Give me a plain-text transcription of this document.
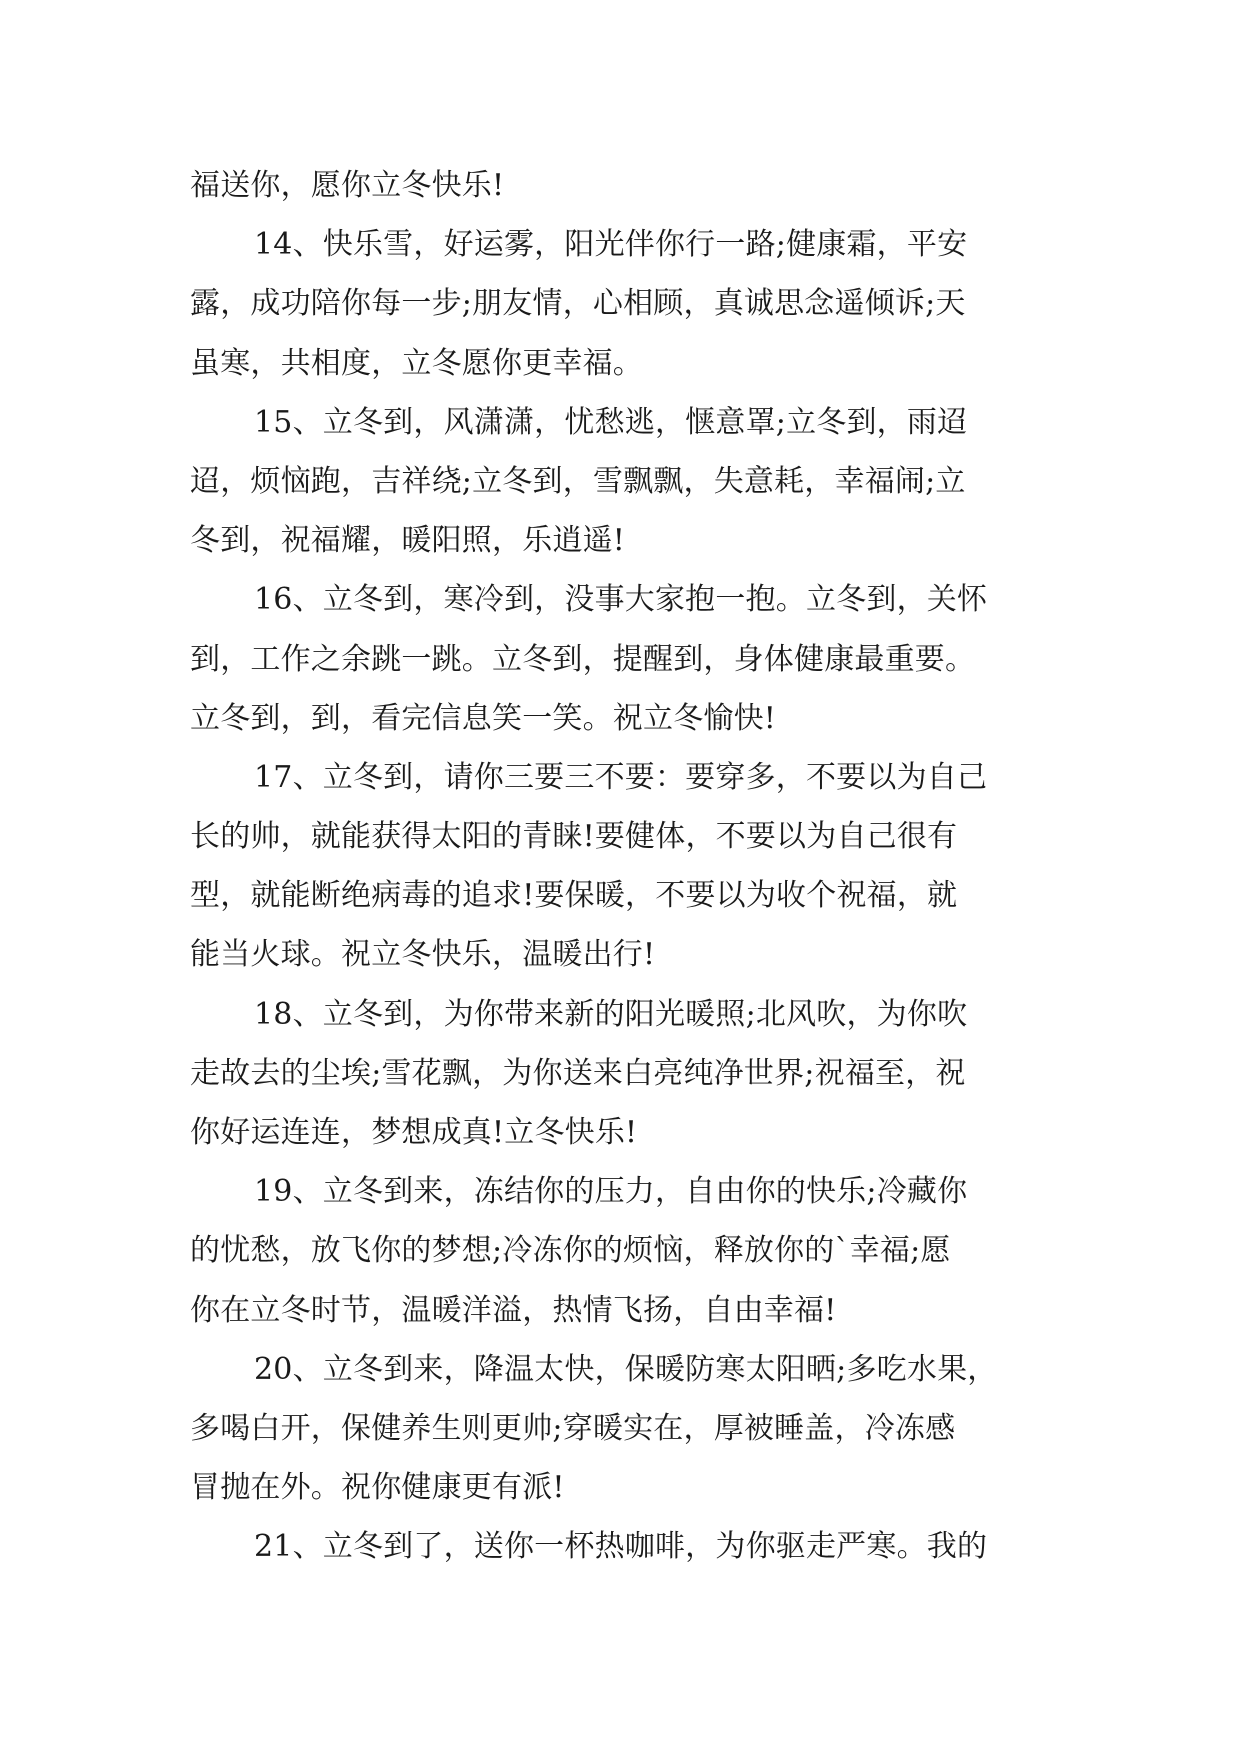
福送你，愿你立冬快乐!
14、快乐雪，好运雾，阳光伴你行一路;健康霜，平安
露，成功陪你每一步;朋友情，心相顾，真诚思念遥倾诉;天
虽寒，共相度，立冬愿你更幸福。
15、立冬到，风潇潇，忧愁逃，惬意罩;立冬到，雨迢
迢，烦恼跑，吉祥绕;立冬到，雪飘飘，失意耗，幸福闹;立
冬到，祝福耀，暖阳照，乐逍遥!
16、立冬到，寒冷到，没事大家抱一抱。立冬到，关怀
到，工作之余跳一跳。立冬到，提醒到，身体健康最重要。
立冬到，到，看完信息笑一笑。祝立冬愉快!
17、立冬到，请你三要三不要：要穿多，不要以为自己
长的帅，就能获得太阳的青睐!要健体，不要以为自己很有
型，就能断绝病毒的追求!要保暖，不要以为收个祝福，就
能当火球。祝立冬快乐，温暖出行!
18、立冬到，为你带来新的阳光暖照;北风吹，为你吹
走故去的尘埃;雪花飘，为你送来白亮纯净世界;祝福至，祝
你好运连连，梦想成真!立冬快乐!
19、立冬到来，冻结你的压力，自由你的快乐;冷藏你
的忧愁，放飞你的梦想;冷冻你的烦恼，释放你的`幸福;愿
你在立冬时节，温暖洋溢，热情飞扬，自由幸福!
20、立冬到来，降温太快，保暖防寒太阳晒;多吃水果，
多喝白开，保健养生则更帅;穿暖实在，厚被睡盖，冷冻感
冒抛在外。祝你健康更有派!
21、立冬到了，送你一杯热咖啡，为你驱走严寒。我的
